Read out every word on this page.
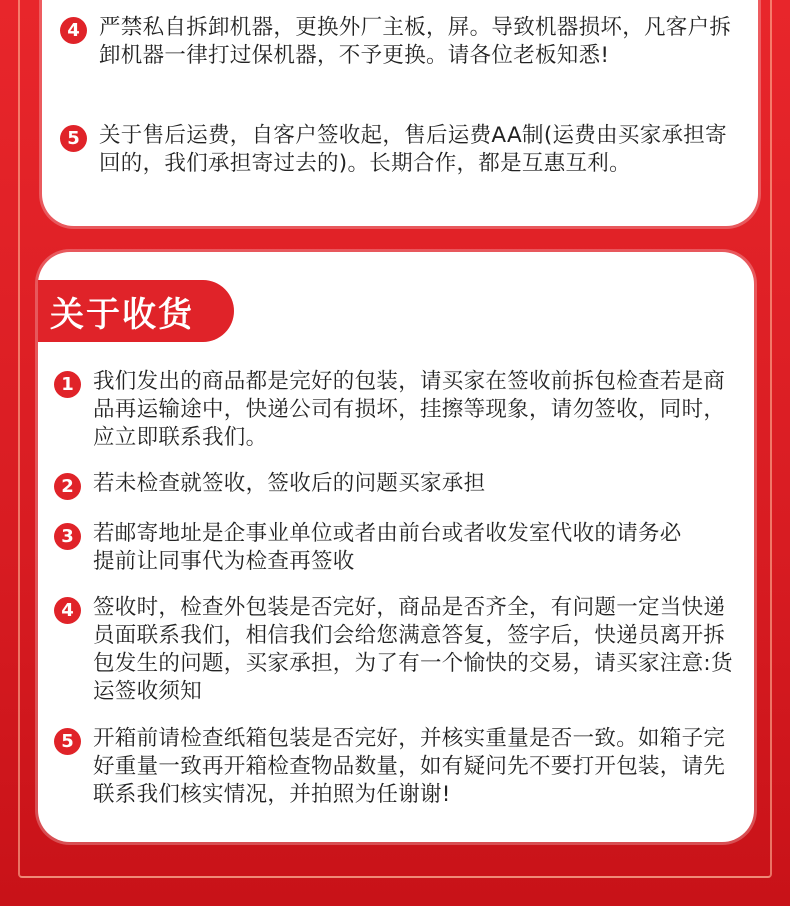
4 严禁私自拆卸机器，更换外厂主板，屏。导致机器损坏，凡客户拆卸机器一律打过保机器，不予更换。请各位老板知悉!
5 关于售后运费，自客户签收起，售后运费AA制(运费由买家承担寄回的，我们承担寄过去的)。长期合作，都是互惠互利。
关于收货
1 我们发出的商品都是完好的包装，请买家在签收前拆包检查若是商品再运输途中，快递公司有损坏，挂擦等现象，请勿签收，同时，应立即联系我们。
2 若未检查就签收，签收后的问题买家承担
3 若邮寄地址是企事业单位或者由前台或者收发室代收的请务必提前让同事代为检查再签收
4 签收时，检查外包装是否完好，商品是否齐全，有问题一定当快递员面联系我们，相信我们会给您满意答复，签字后，快递员离开拆包发生的问题，买家承担，为了有一个愉快的交易，请买家注意:货运签收须知
5 开箱前请检查纸箱包装是否完好，并核实重量是否一致。如箱子完好重量一致再开箱检查物品数量，如有疑问先不要打开包装，请先联系我们核实情况，并拍照为任谢谢!
